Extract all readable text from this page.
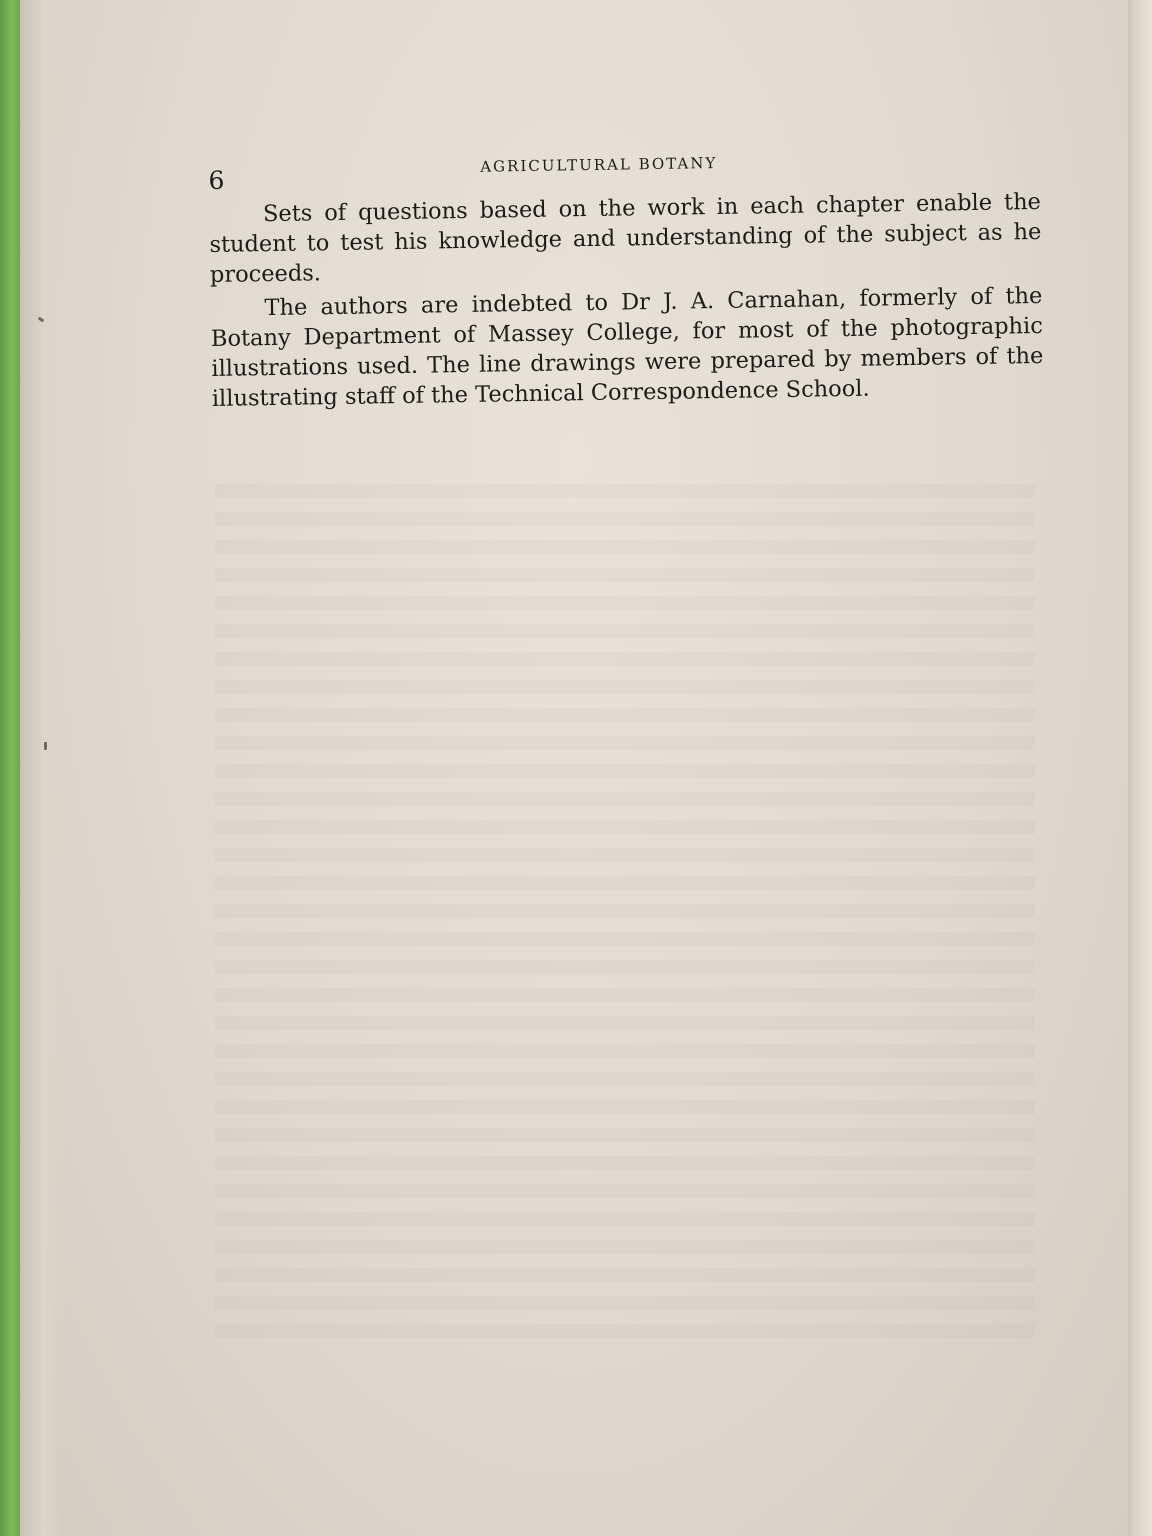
6
AGRICULTURAL BOTANY

Sets of questions based on the work in each chapter enable the student to test his knowledge and understanding of the subject as he proceeds.

The authors are indebted to Dr J. A. Carnahan, formerly of the Botany Department of Massey College, for most of the photographic illustrations used. The line drawings were prepared by members of the illustrating staff of the Technical Correspondence School.
